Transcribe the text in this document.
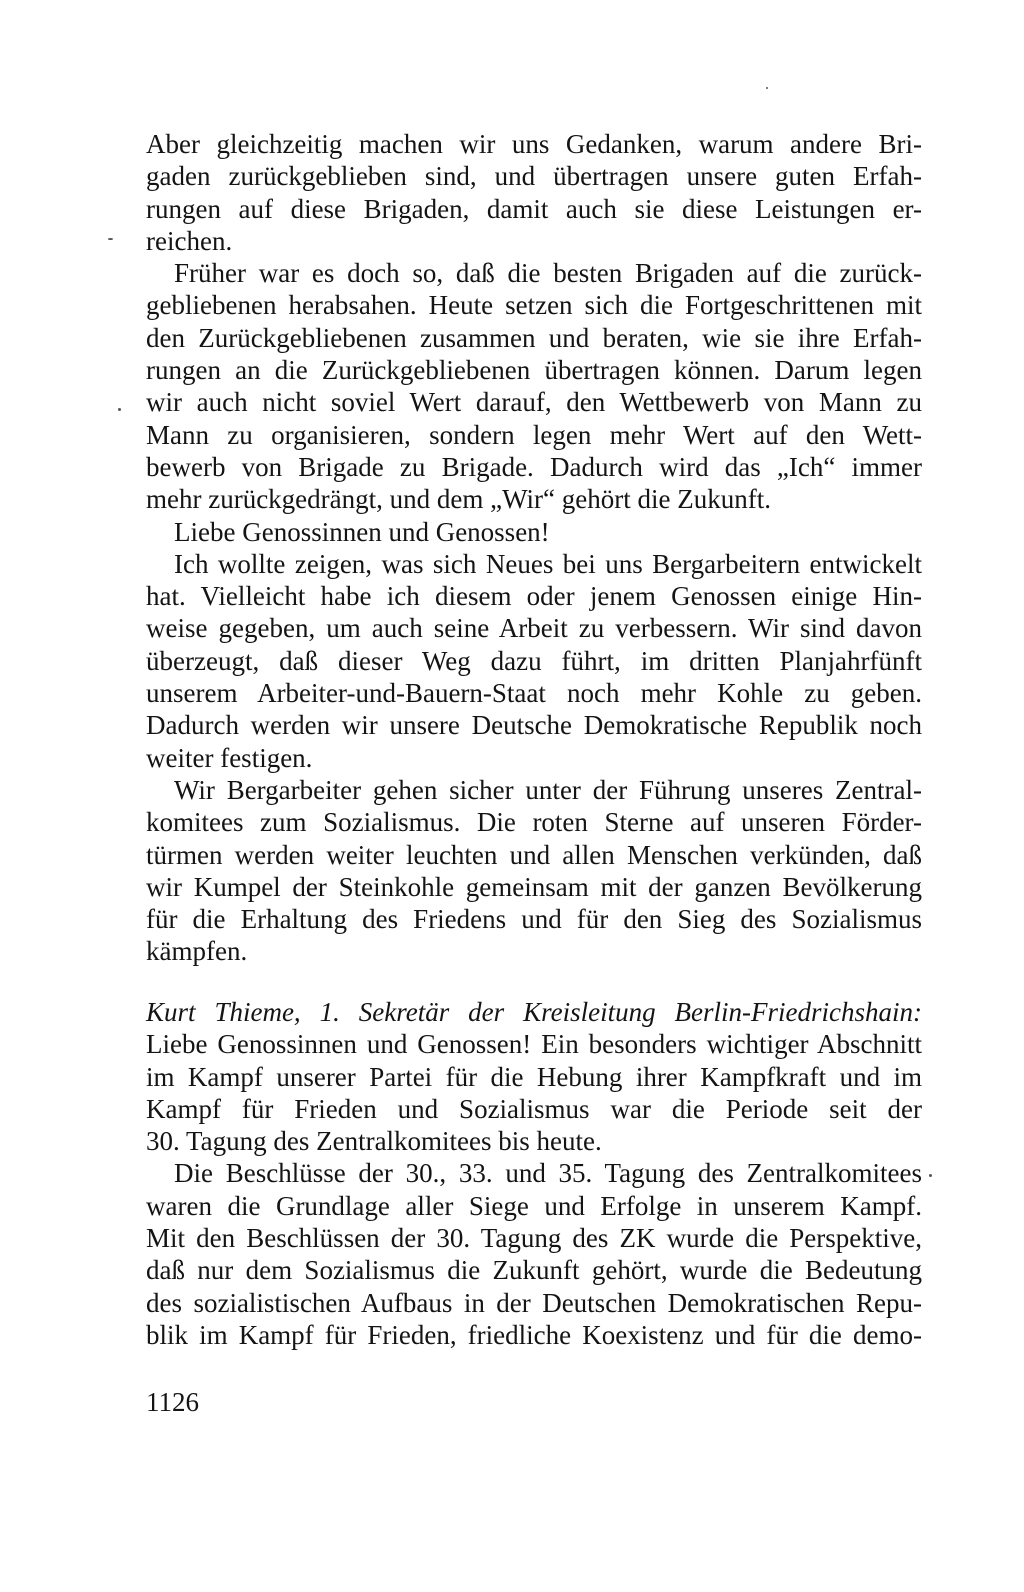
Aber gleichzeitig machen wir uns Gedanken, warum andere Bri-
gaden zurückgeblieben sind, und übertragen unsere guten Erfah-
rungen auf diese Brigaden, damit auch sie diese Leistungen er-
reichen.
Früher war es doch so, daß die besten Brigaden auf die zurück-
gebliebenen herabsahen. Heute setzen sich die Fortgeschrittenen mit
den Zurückgebliebenen zusammen und beraten, wie sie ihre Erfah-
rungen an die Zurückgebliebenen übertragen können. Darum legen
wir auch nicht soviel Wert darauf, den Wettbewerb von Mann zu
Mann zu organisieren, sondern legen mehr Wert auf den Wett-
bewerb von Brigade zu Brigade. Dadurch wird das „Ich“ immer
mehr zurückgedrängt, und dem „Wir“ gehört die Zukunft.
Liebe Genossinnen und Genossen!
Ich wollte zeigen, was sich Neues bei uns Bergarbeitern entwickelt
hat. Vielleicht habe ich diesem oder jenem Genossen einige Hin-
weise gegeben, um auch seine Arbeit zu verbessern. Wir sind davon
überzeugt, daß dieser Weg dazu führt, im dritten Planjahrfünft
unserem Arbeiter-und-Bauern-Staat noch mehr Kohle zu geben.
Dadurch werden wir unsere Deutsche Demokratische Republik noch
weiter festigen.
Wir Bergarbeiter gehen sicher unter der Führung unseres Zentral-
komitees zum Sozialismus. Die roten Sterne auf unseren Förder-
türmen werden weiter leuchten und allen Menschen verkünden, daß
wir Kumpel der Steinkohle gemeinsam mit der ganzen Bevölkerung
für die Erhaltung des Friedens und für den Sieg des Sozialismus
kämpfen.
Kurt Thieme, 1. Sekretär der Kreisleitung Berlin-Friedrichshain:
Liebe Genossinnen und Genossen! Ein besonders wichtiger Abschnitt
im Kampf unserer Partei für die Hebung ihrer Kampfkraft und im
Kampf für Frieden und Sozialismus war die Periode seit der
30. Tagung des Zentralkomitees bis heute.
Die Beschlüsse der 30., 33. und 35. Tagung des Zentralkomitees
waren die Grundlage aller Siege und Erfolge in unserem Kampf.
Mit den Beschlüssen der 30. Tagung des ZK wurde die Perspektive,
daß nur dem Sozialismus die Zukunft gehört, wurde die Bedeutung
des sozialistischen Aufbaus in der Deutschen Demokratischen Repu-
blik im Kampf für Frieden, friedliche Koexistenz und für die demo-

1126
